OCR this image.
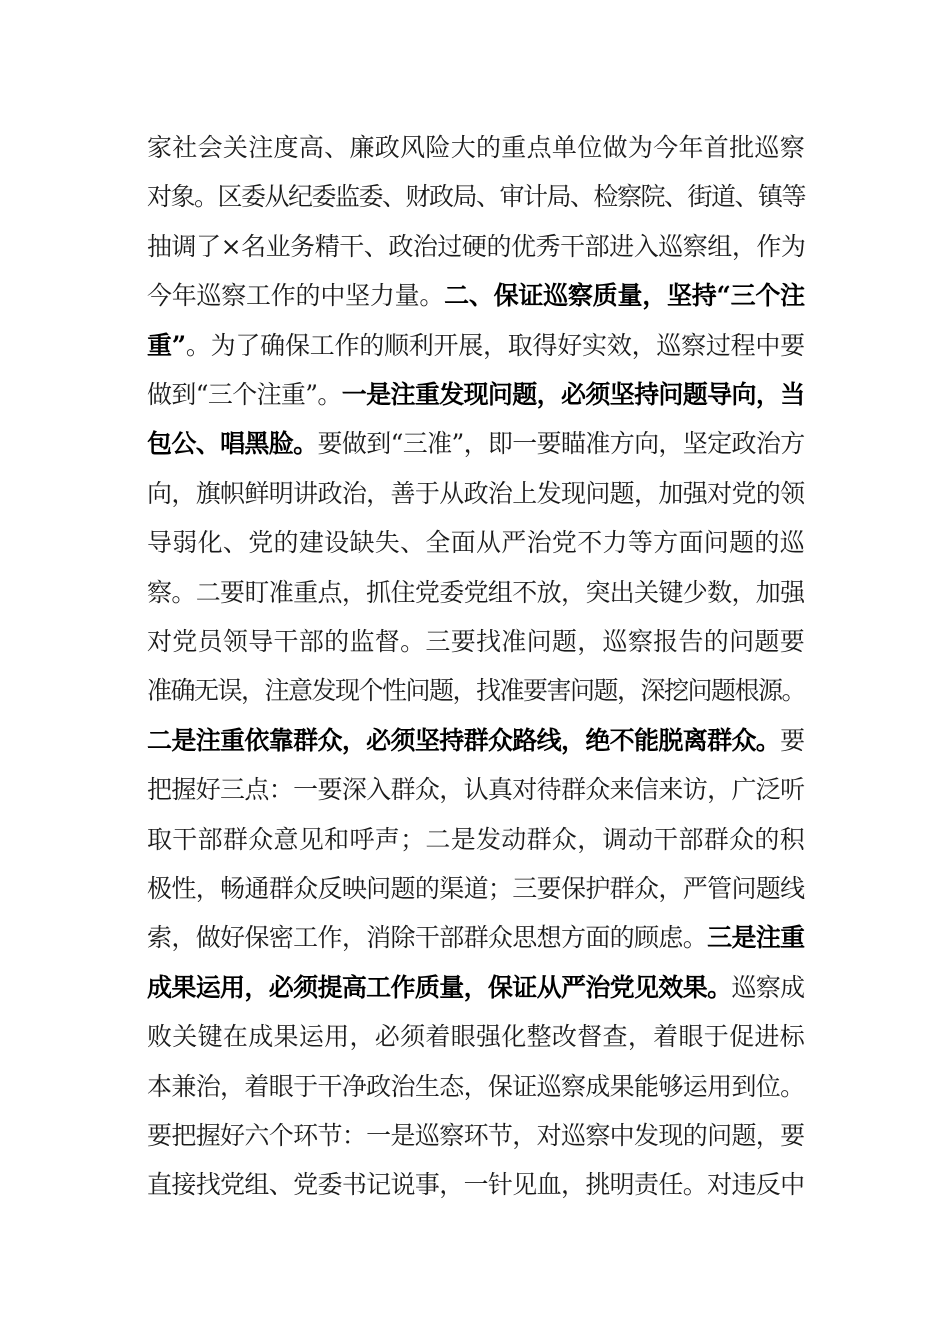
家社会关注度高、廉政风险大的重点单位做为今年首批巡察
对象。区委从纪委监委、财政局、审计局、检察院、街道、镇等
抽调了×名业务精干、政治过硬的优秀干部进入巡察组，作为
今年巡察工作的中坚力量。二、保证巡察质量，坚持“三个注
重”。为了确保工作的顺利开展，取得好实效，巡察过程中要
做到“三个注重”。一是注重发现问题，必须坚持问题导向，当
包公、唱黑脸。要做到“三准”，即一要瞄准方向，坚定政治方
向，旗帜鲜明讲政治，善于从政治上发现问题，加强对党的领
导弱化、党的建设缺失、全面从严治党不力等方面问题的巡
察。二要盯准重点，抓住党委党组不放，突出关键少数，加强
对党员领导干部的监督。三要找准问题，巡察报告的问题要
准确无误，注意发现个性问题，找准要害问题，深挖问题根源。
二是注重依靠群众，必须坚持群众路线，绝不能脱离群众。要
把握好三点：一要深入群众，认真对待群众来信来访，广泛听
取干部群众意见和呼声；二是发动群众，调动干部群众的积
极性，畅通群众反映问题的渠道；三要保护群众，严管问题线
索，做好保密工作，消除干部群众思想方面的顾虑。三是注重
成果运用，必须提高工作质量，保证从严治党见效果。巡察成
败关键在成果运用，必须着眼强化整改督查，着眼于促进标
本兼治，着眼于干净政治生态，保证巡察成果能够运用到位。
要把握好六个环节：一是巡察环节，对巡察中发现的问题，要
直接找党组、党委书记说事，一针见血，挑明责任。对违反中
